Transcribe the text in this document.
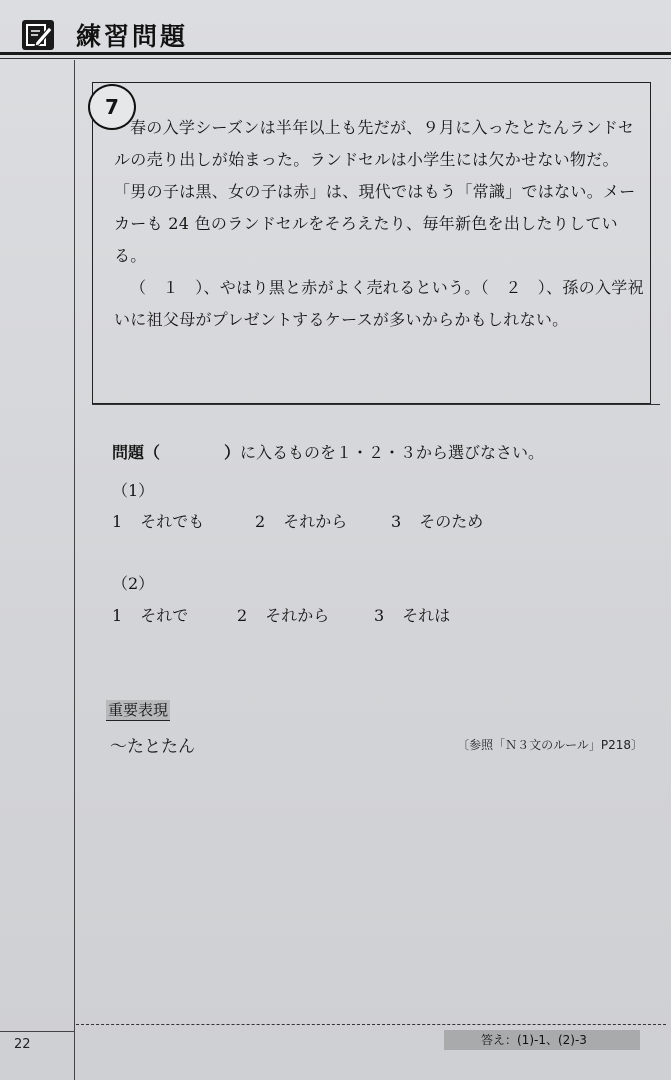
練習問題
7

春の入学シーズンは半年以上も先だが、９月に入ったとたんランドセルの売り出しが始まった。ランドセルは小学生には欠かせない物だ。

「男の子は黒、女の子は赤」は、現代ではもう「常識」ではない。メーカーも 24 色のランドセルをそろえたり、毎年新色を出したりしている。

（　１　）、やはり黒と赤がよく売れるという。（　２　）、孫の入学祝いに祖父母がプレゼントするケースが多いからかもしれない。

問題（　　　　）に入るものを１・２・３から選びなさい。
（1）
1 それでも	2 それから	3 そのため
（2）
1 それで	2 それから	3 それは
重要表現
〜たとたん	〔参照「Ｎ３文のルール」P218〕
答え：(1)-1、(2)-3
22
